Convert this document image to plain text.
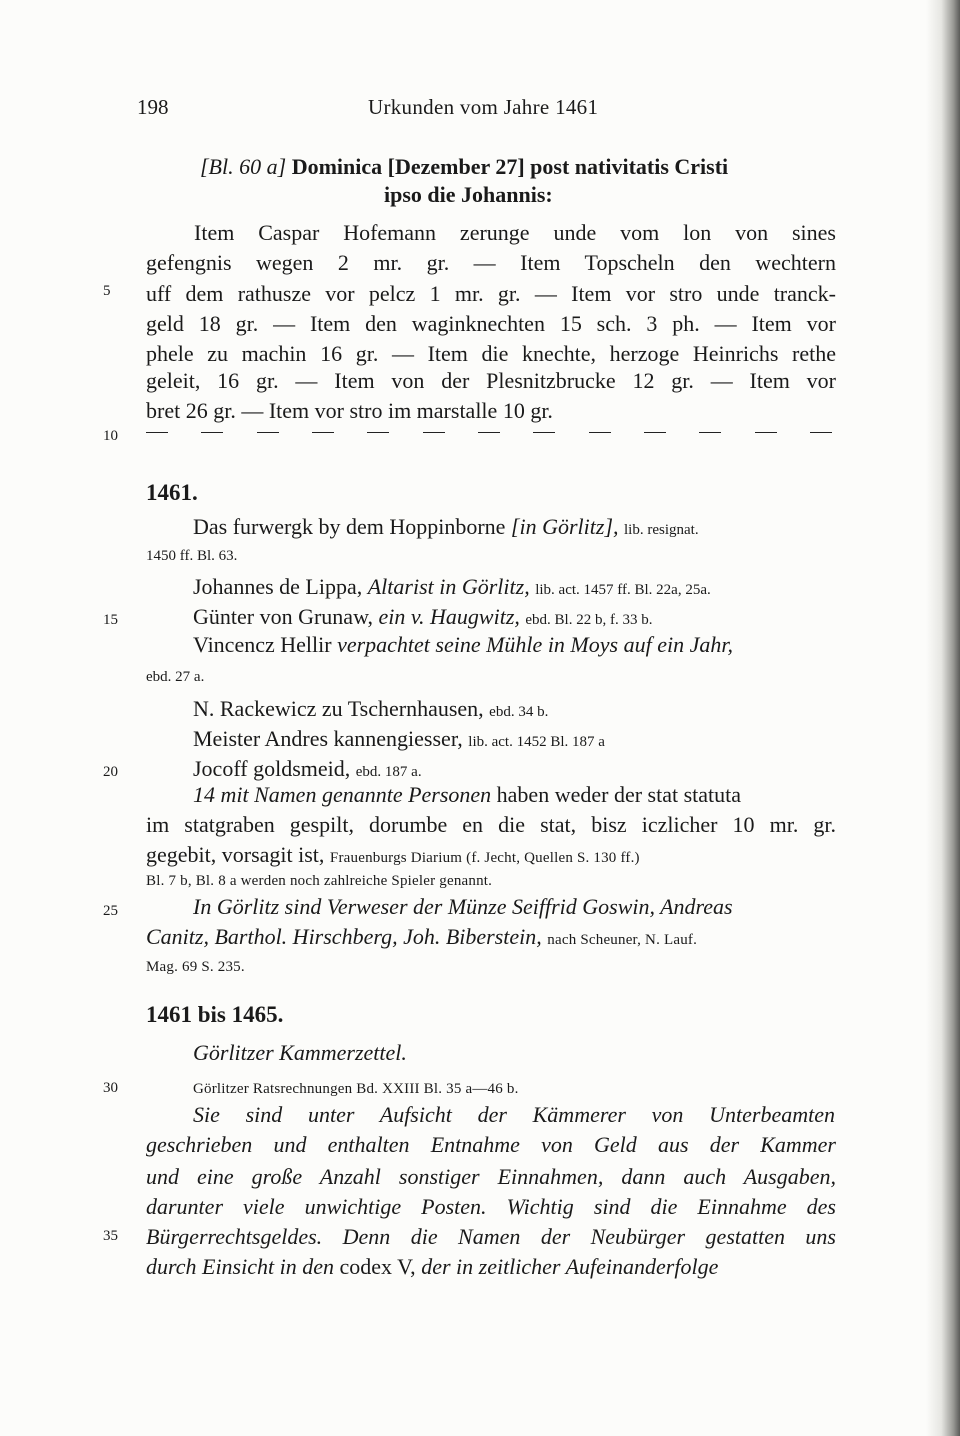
198	Urkunden vom Jahre 1461
5
10
15
20
25
30
35
[Bl. 60 a] Dominica [Dezember 27] post nativitatis Cristi
ipso die Johannis:
Item Caspar Hofemann zerunge unde vom lon von sines
gefengnis wegen 2 mr. gr. — Item Topscheln den wechtern
uff dem rathusze vor pelcz 1 mr. gr. — Item vor stro unde tranck-
geld 18 gr. — Item den waginknechten 15 sch. 3 ph. — Item vor
phele zu machin 16 gr. — Item die knechte, herzoge Heinrichs rethe
geleit, 16 gr. — Item von der Plesnitzbrucke 12 gr. — Item vor
bret 26 gr. — Item vor stro im marstalle 10 gr.
1461.
Das furwergk by dem Hoppinborne [in Görlitz], lib. resignat.
1450 ff. Bl. 63.
Johannes de Lippa, Altarist in Görlitz, lib. act. 1457 ff. Bl. 22a, 25a.
Günter von Grunaw, ein v. Haugwitz, ebd. Bl. 22 b, f. 33 b.
Vincencz Hellir verpachtet seine Mühle in Moys auf ein Jahr,
ebd. 27 a.
N. Rackewicz zu Tschernhausen, ebd. 34 b.
Meister Andres kannengiesser, lib. act. 1452 Bl. 187 a
Jocoff goldsmeid, ebd. 187 a.
14 mit Namen genannte Personen haben weder der stat statuta
im statgraben gespilt, dorumbe en die stat, bisz iczlicher 10 mr. gr.
gegebit, vorsagit ist, Frauenburgs Diarium (f. Jecht, Quellen S. 130 ff.)
Bl. 7 b, Bl. 8 a werden noch zahlreiche Spieler genannt.
In Görlitz sind Verweser der Münze Seiffrid Goswin, Andreas
Canitz, Barthol. Hirschberg, Joh. Biberstein, nach Scheuner, N. Lauf.
Mag. 69 S. 235.
1461 bis 1465.
Görlitzer Kammerzettel.
Görlitzer Ratsrechnungen Bd. XXIII Bl. 35 a—46 b.
Sie sind unter Aufsicht der Kämmerer von Unterbeamten
geschrieben und enthalten Entnahme von Geld aus der Kammer
und eine große Anzahl sonstiger Einnahmen, dann auch Ausgaben,
darunter viele unwichtige Posten. Wichtig sind die Einnahme des
Bürgerrechtsgeldes. Denn die Namen der Neubürger gestatten uns
durch Einsicht in den codex V, der in zeitlicher Aufeinanderfolge
